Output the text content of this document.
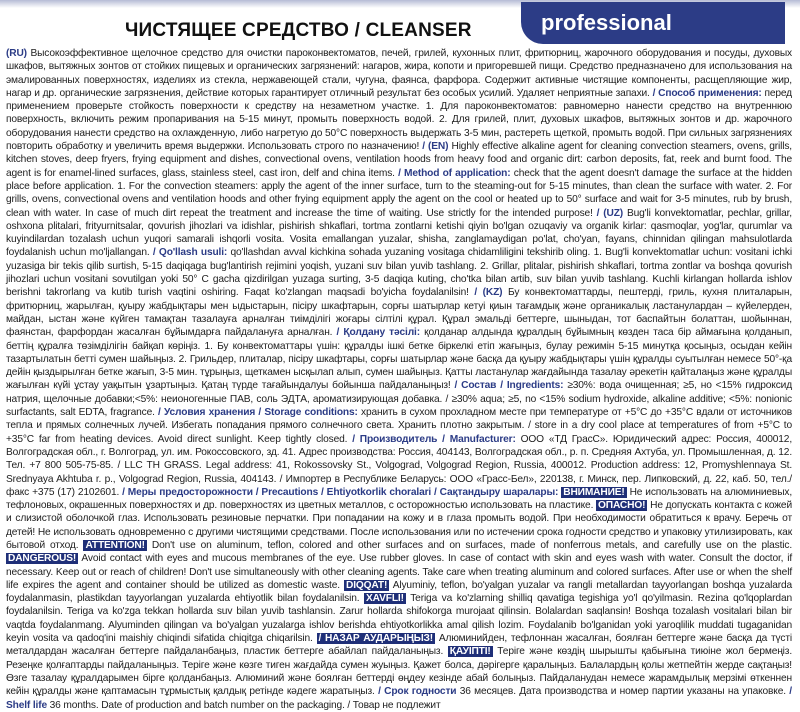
ЧИСТЯЩЕЕ СРЕДСТВО / CLEANSER	professional

(RU) Высокоэффективное щелочное средство для очистки пароконвектоматов, печей, грилей, кухонных плит, фритюрниц, жарочного оборудования и посуды, духовых шкафов, вытяжных зонтов от стойких пищевых и органических загрязнений: нагаров, жира, копоти и пригоревшей пищи. Средство предназначено для использования на эмалированных поверхностях, изделиях из стекла, нержавеющей стали, чугуна, фаянса, фарфора. Содержит активные чистящие компоненты, расщепляющие жир, нагар и др. органические загрязнения, действие которых гарантирует отличный результат без особых усилий. Удаляет неприятные запахи. / Способ применения: перед применением проверьте стойкость поверхности к средству на незаметном участке. 1. Для пароконвектоматов: равномерно нанести средство на внутреннюю поверхность, включить режим пропаривания на 5-15 минут, промыть поверхность водой. 2. Для грилей, плит, духовых шкафов, вытяжных зонтов и др. жарочного оборудования нанести средство на охлажденную, либо нагретую до 50°C поверхность выдержать 3-5 мин, растереть щеткой, промыть водой. При сильных загрязнениях повторить обработку и увеличить время выдержки. Использовать строго по назначению! / (EN) Highly effective alkaline agent for cleaning convection steamers, ovens, grills, kitchen stoves, deep fryers, frying equipment and dishes, convectional ovens, ventilation hoods from heavy food and organic dirt: carbon deposits, fat, reek and burnt food. The agent is for enamel-lined surfaces, glass, stainless steel, cast iron, delf and china items. / Method of application: check that the agent doesn't damage the surface at the hidden place before application. 1. For the convection steamers: apply the agent of the inner surface, turn to the steaming-out for 5-15 minutes, than clean the surface with water. 2. For grills, ovens, convectional ovens and ventilation hoods and other frying equipment apply the agent on the cool or heated up to 50° surface and wait for 3-5 minutes, rub by brush, clean with water. In case of much dirt repeat the treatment and increase the time of waiting. Use strictly for the intended purpose! / (UZ) Bug'li konvektomatlar, pechlar, grillar, oshxona plitalari, frityurnitsalar, qovurish jihozlari va idishlar, pishirish shkaflari, tortma zontlarni ketishi qiyin bo'lgan ozuqaviy va organik kirlar: qasmoqlar, yog'lar, qurumlar va kuyindilardan tozalash uchun yuqori samarali ishqorli vosita. Vosita emallangan yuzalar, shisha, zanglamaydigan po'lat, cho'yan, fayans, chinnidan qilingan mahsulotlarda foydalanish uchun mo'ljallangan. / Qo'llash usuli: qo'llashdan avval kichkina sohada yuzaning vositaga chidamliligini tekshirib oling. 1. Bug'li konvektomatlar uchun: vositani ichki yuzasiga bir tekis qilib surtish, 5-15 daqiqaga bug'lantirish rejimini yoqish, yuzani suv bilan yuvib tashlang. 2. Grillar, plitalar, pishirish shkaflari, tortma zontlar va boshqa qovurish jihozlari uchun vositani sovutilgan yoki 50° C gacha qizdirilgan yuzaga surting, 3-5 daqiqa kuting, cho'tka bilan artib, suv bilan yuvib tashlang. Kuchli kirlangan hollarda ishlov berishni takrorlang va kutib turish vaqtini oshiring. Faqat ko'zlangan maqsadi bo'yicha foydalanilsin! / (KZ) Бу конвектоматтарды, пештерді, гриль, кухня плиталарын, фритюрниц, жарылған, қуыру жабдықтары мен ыдыстарын, пісіру шкафтарын, сорғы шатырлар кетуі қиын тағамдық және органикалық ластанулардан – күйелерден, майдан, ыстан және күйген тамақтан тазалауға арналған тиімділігі жоғары сілтілі құрал. Құрал эмальді беттерге, шыныдан, тот баспайтын болаттан, шойыннан, фаянстан, фарфордан жасалған бұйымдарға пайдалануға арналған. / Қолдану тәсілі: қолданар алдында құралдың бұйымның көзден таса бір аймағына қолданып, беттің құралға төзімділігін байқап көріңіз. 1. Бу конвектоматтары үшін: құралды ішкі бетке біркелкі етіп жағыңыз, булау режимін 5-15 минутқа қосыңыз, осыдан кейін тазартылатын бетті сумен шайыңыз. 2. Грильдер, плиталар, пісіру шкафтары, сорғы шатырлар және басқа да қуыру жабдықтары үшін құралды суытылған немесе 50°-қа дейін қыздырылған бетке жағып, 3-5 мин. тұрыңыз, щеткамен ысқылап алып, сумен шайыңыз. Қатты ластанулар жағдайында тазалау әрекетін қайталаңыз және құралды жағылған күйі ұстау уақытын ұзартыңыз. Қатаң түрде тағайындалуы бойынша пайдаланыңыз! / Состав / Ingredients: ≥30%: вода очищенная; ≥5, но <15% гидроксид натрия, щелочные добавки;<5%: неионогенные ПАВ, соль ЭДТА, ароматизирующая добавка. / ≥30% aqua; ≥5, no <15% sodium hydroxide, alkaline additive; <5%: nonionic surfactants, salt EDTA, fragrance. / Условия хранения / Storage conditions: хранить в сухом прохладном месте при температуре от +5°С до +35°С вдали от источников тепла и прямых солнечных лучей. Избегать попадания прямого солнечного света. Хранить плотно закрытым. / store in a dry cool place at temperatures of from +5°C to +35°C far from heating devices. Avoid direct sunlight. Keep tightly closed. / Производитель / Manufacturer: ООО «ТД ГрасС». Юридический адрес: Россия, 400012, Волгоградская обл., г. Волгоград, ул. им. Рокоссовского, зд. 41. Адрес производства: Россия, 404143, Волгоградская обл., р. п. Средняя Ахтуба, ул. Промышленная, д. 12. Тел. +7 800 505-75-85. / LLC TH GRASS. Legal address: 41, Rokossovsky St., Volgograd, Volgograd Region, Russia, 400012. Production address: 12, Promyshlennaya St. Srednyaya Akhtuba r. p., Volgograd Region, Russia, 404143. / Импортер в Республике Беларусь: ООО «Грасс-Бел», 220138, г. Минск, пер. Липковский, д. 22, каб. 50, тел./ факс +375 (17) 2102601. / Меры предосторожности / Precautions / Ehtiyotkorlik choralari / Сақтандыру шаралары: ВНИМАНИЕ! Не использовать на алюминиевых, тефлоновых, окрашенных поверхностях и др. поверхностях из цветных металлов, с осторожностью использовать на пластике. ОПАСНО! Не допускать контакта с кожей и слизистой оболочкой глаз. Использовать резиновые перчатки. При попадании на кожу и в глаза промыть водой. При необходимости обратиться к врачу. Беречь от детей! Не использовать одновременно с другими чистящими средствами. После использования или по истечении срока годности средство и упаковку утилизировать, как бытовой отход. ATTENTION! Don't use on aluminum, teflon, colored and other surfaces and on surfaces, made of nonferrous metals, and carefully use on the plastic. DANGEROUS! Avoid contact with eyes and mucous membranes of the eye. Use rubber gloves. In case of contact with skin and eyes wash with water. Consult the doctor, if necessary. Keep out or reach of children! Don't use simultaneously with other cleaning agents. Take care when treating aluminum and colored surfaces. After use or when the shelf life expires the agent and container should be utilized as domestic waste. DIQQAT! Alyuminiy, teflon, bo'yalgan yuzalar va rangli metallardan tayyorlangan boshqa yuzalarda foydalanmasin, plastikdan tayyorlangan yuzalarda ehtiyotlik bilan foydalanilsin. XAVFLI! Teriga va ko'zlarning shilliq qavatiga tegishiga yo'l qo'yilmasin. Rezina qo'lqoplardan foydalanilsin. Teriga va ko'zga tekkan hollarda suv bilan yuvib tashlansin. Zarur hollarda shifokorga murojaat qilinsin. Bolalardan saqlansin! Boshqa tozalash vositalari bilan bir vaqtda foydalanmang. Alyuminden qilingan va bo'yalgan yuzalarga ishlov berishda ehtiyotkorlikka amal qilish lozim. Foydalanib bo'lganidan yoki yaroqlilik muddati tugaganidan keyin vosita va qadoq'ini maishiy chiqindi sifatida chiqitga chiqarilsin. / НАЗАР АУДАРЫҢЫЗ! Алюминийден, тефлоннан жасалған, боялған беттерге және басқа да түсті металдардан жасалған беттерге пайдаланбаңыз, пластик беттерге абайлап пайдаланыңыз. ҚАУІПТІ! Теріге және көздің шырышты қабығына тиюіне жол бермеңіз. Резеңке қолғаптарды пайдаланыңыз. Теріге және көзге тиген жағдайда сумен жуыңыз. Қажет болса, дәрігерге қаралыңыз. Балалардың қолы жетпейтін жерде сақтаңыз! Өзге тазалау құралдарымен бірге қолданбаңыз. Алюминий және боялған беттерді өңдеу кезінде абай болыңыз. Пайдаланудан немесе жарамдылық мерзімі өткеннен кейін құралды және қаптамасын тұрмыстық қалдық ретінде кәдеге жаратыңыз. / Срок годности 36 месяцев. Дата производства и номер партии указаны на упаковке. / Shelf life 36 months. Date of production and batch number on the packaging. / Товар не подлежит
